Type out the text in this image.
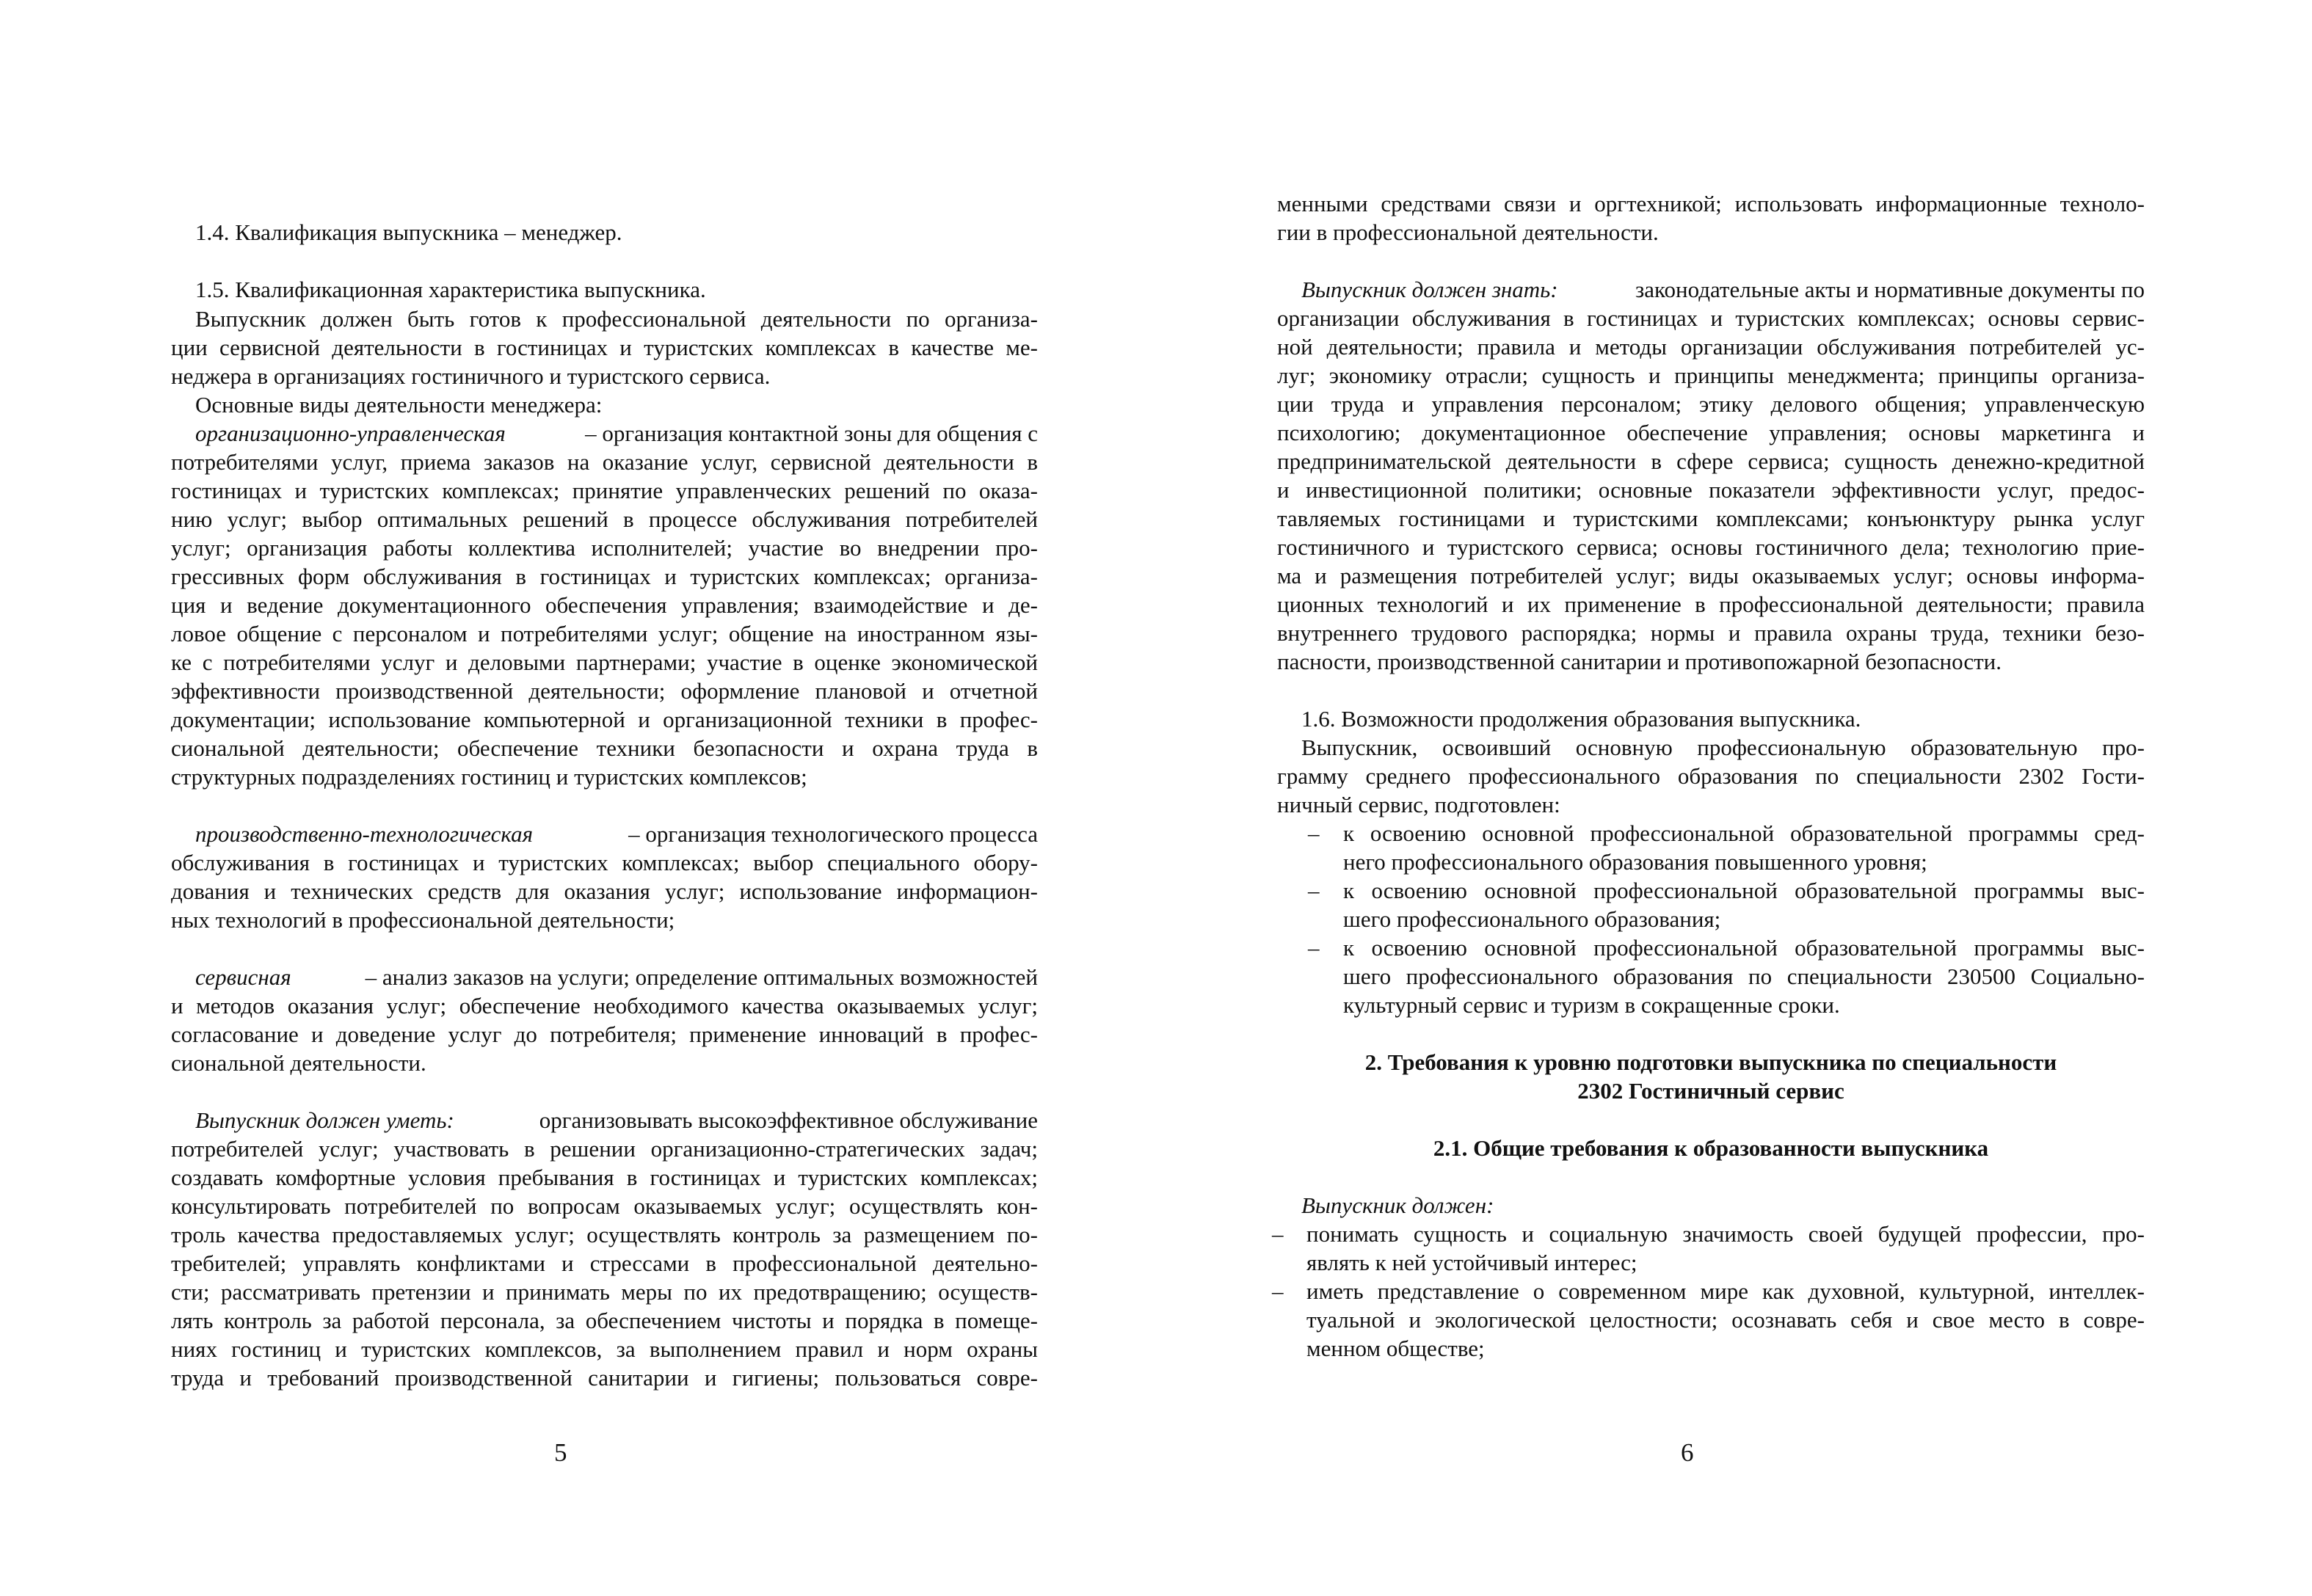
1.4. Квалификация выпускника – менеджер.
1.5. Квалификационная характеристика выпускника.
Выпускник должен быть готов к профессиональной деятельности по организа-
ции сервисной деятельности в гостиницах и туристских комплексах в качестве ме-
неджера в организациях гостиничного и туристского сервиса.
Основные виды деятельности менеджера:
организационно-управленческая	– организация контактной зоны для общения с
потребителями услуг, приема заказов на оказание услуг, сервисной деятельности в
гостиницах и туристских комплексах; принятие управленческих решений по оказа-
нию услуг; выбор оптимальных решений в процессе обслуживания потребителей
услуг; организация работы коллектива исполнителей; участие во внедрении про-
грессивных форм обслуживания в гостиницах и туристских комплексах; организа-
ция и ведение документационного обеспечения управления; взаимодействие и де-
ловое общение с персоналом и потребителями услуг; общение на иностранном язы-
ке с потребителями услуг и деловыми партнерами; участие в оценке экономической
эффективности производственной деятельности; оформление плановой и отчетной
документации; использование компьютерной и организационной техники в профес-
сиональной деятельности; обеспечение техники безопасности и охрана труда в
структурных подразделениях гостиниц и туристских комплексов;
производственно-технологическая	– организация технологического процесса
обслуживания в гостиницах и туристских комплексах; выбор специального обору-
дования и технических средств для оказания услуг; использование информацион-
ных технологий в профессиональной деятельности;
сервисная	– анализ заказов на услуги; определение оптимальных возможностей
и методов оказания услуг; обеспечение необходимого качества оказываемых услуг;
согласование и доведение услуг до потребителя; применение инноваций в профес-
сиональной деятельности.
Выпускник должен уметь:	организовывать высокоэффективное обслуживание
потребителей услуг; участвовать в решении организационно-стратегических задач;
создавать комфортные условия пребывания в гостиницах и туристских комплексах;
консультировать потребителей по вопросам оказываемых услуг; осуществлять кон-
троль качества предоставляемых услуг; осуществлять контроль за размещением по-
требителей; управлять конфликтами и стрессами в профессиональной деятельно-
сти; рассматривать претензии и принимать меры по их предотвращению; осуществ-
лять контроль за работой персонала, за обеспечением чистоты и порядка в помеще-
ниях гостиниц и туристских комплексов, за выполнением правил и норм охраны
труда и требований производственной санитарии и гигиены; пользоваться совре-
5
менными средствами связи и оргтехникой; использовать информационные техноло-
гии в профессиональной деятельности.
Выпускник должен знать:	законодательные акты и нормативные документы по
организации обслуживания в гостиницах и туристских комплексах; основы сервис-
ной деятельности; правила и методы организации обслуживания потребителей ус-
луг; экономику отрасли; сущность и принципы менеджмента; принципы организа-
ции труда и управления персоналом; этику делового общения; управленческую
психологию; документационное обеспечение управления; основы маркетинга и
предпринимательской деятельности в сфере сервиса; сущность денежно-кредитной
и инвестиционной политики; основные показатели эффективности услуг, предос-
тавляемых гостиницами и туристскими комплексами; конъюнктуру рынка услуг
гостиничного и туристского сервиса; основы гостиничного дела; технологию прие-
ма и размещения потребителей услуг; виды оказываемых услуг; основы информа-
ционных технологий и их применение в профессиональной деятельности; правила
внутреннего трудового распорядка; нормы и правила охраны труда, техники безо-
пасности, производственной санитарии и противопожарной безопасности.
1.6. Возможности продолжения образования выпускника.
Выпускник, освоивший основную профессиональную образовательную про-
грамму среднего профессионального образования по специальности 2302 Гости-
ничный сервис, подготовлен:
– к освоению основной профессиональной образовательной программы сред-
него профессионального образования повышенного уровня;
– к освоению основной профессиональной образовательной программы выс-
шего профессионального образования;
– к освоению основной профессиональной образовательной программы выс-
шего профессионального образования по специальности 230500 Социально-
культурный сервис и туризм в сокращенные сроки.
2. Требования к уровню подготовки выпускника по специальности
2302 Гостиничный сервис
2.1. Общие требования к образованности выпускника
Выпускник должен:
– понимать сущность и социальную значимость своей будущей профессии, про-
являть к ней устойчивый интерес;
– иметь представление о современном мире как духовной, культурной, интеллек-
туальной и экологической целостности; осознавать себя и свое место в совре-
менном обществе;
6
